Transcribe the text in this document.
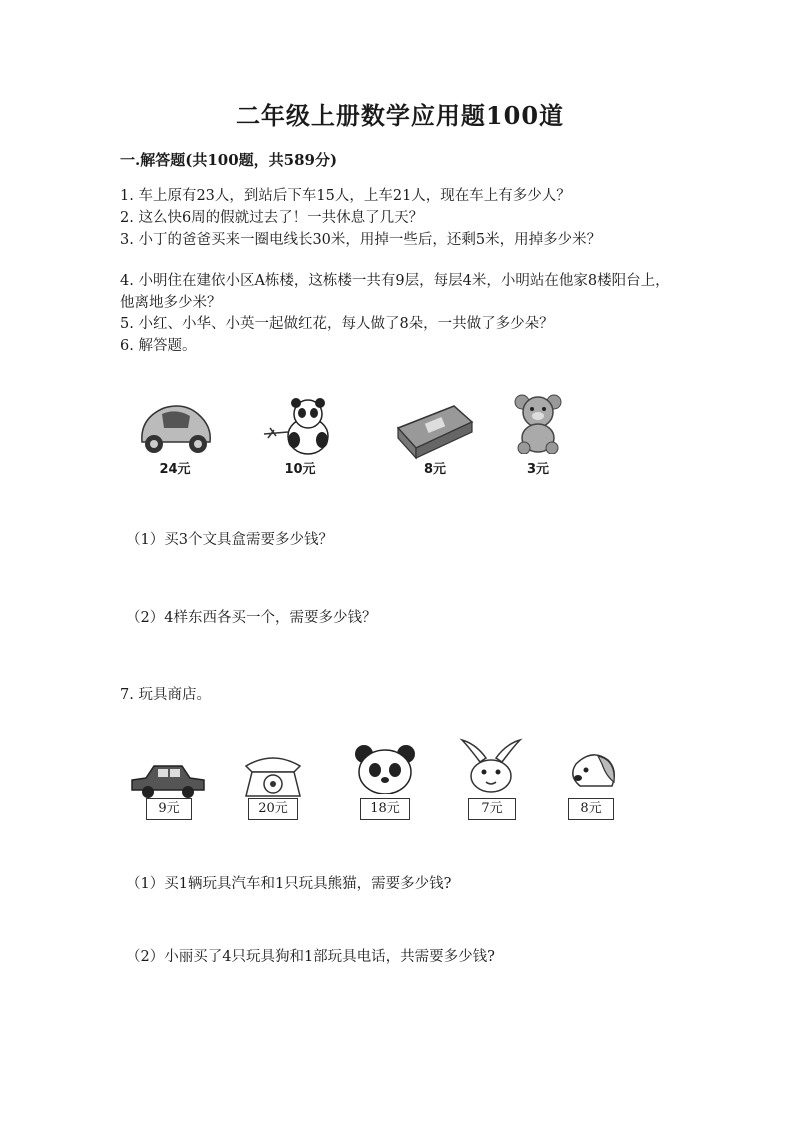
二年级上册数学应用题100道
一.解答题(共100题，共589分)
1. 车上原有23人，到站后下车15人，上车21人，现在车上有多少人？
2. 这么快6周的假就过去了！一共休息了几天？
3. 小丁的爸爸买来一圈电线长30米，用掉一些后，还剩5米，用掉多少米？
4. 小明住在建依小区A栋楼，这栋楼一共有9层，每层4米，小明站在他家8楼阳台上，他离地多少米？
5. 小红、小华、小英一起做红花，每人做了8朵，一共做了多少朵？
6. 解答题。
24元	10元	8元	3元
（1）买3个文具盒需要多少钱？
（2）4样东西各买一个，需要多少钱？
7. 玩具商店。
9元	20元	18元	7元	8元
（1）买1辆玩具汽车和1只玩具熊猫，需要多少钱?
（2）小丽买了4只玩具狗和1部玩具电话，共需要多少钱?
